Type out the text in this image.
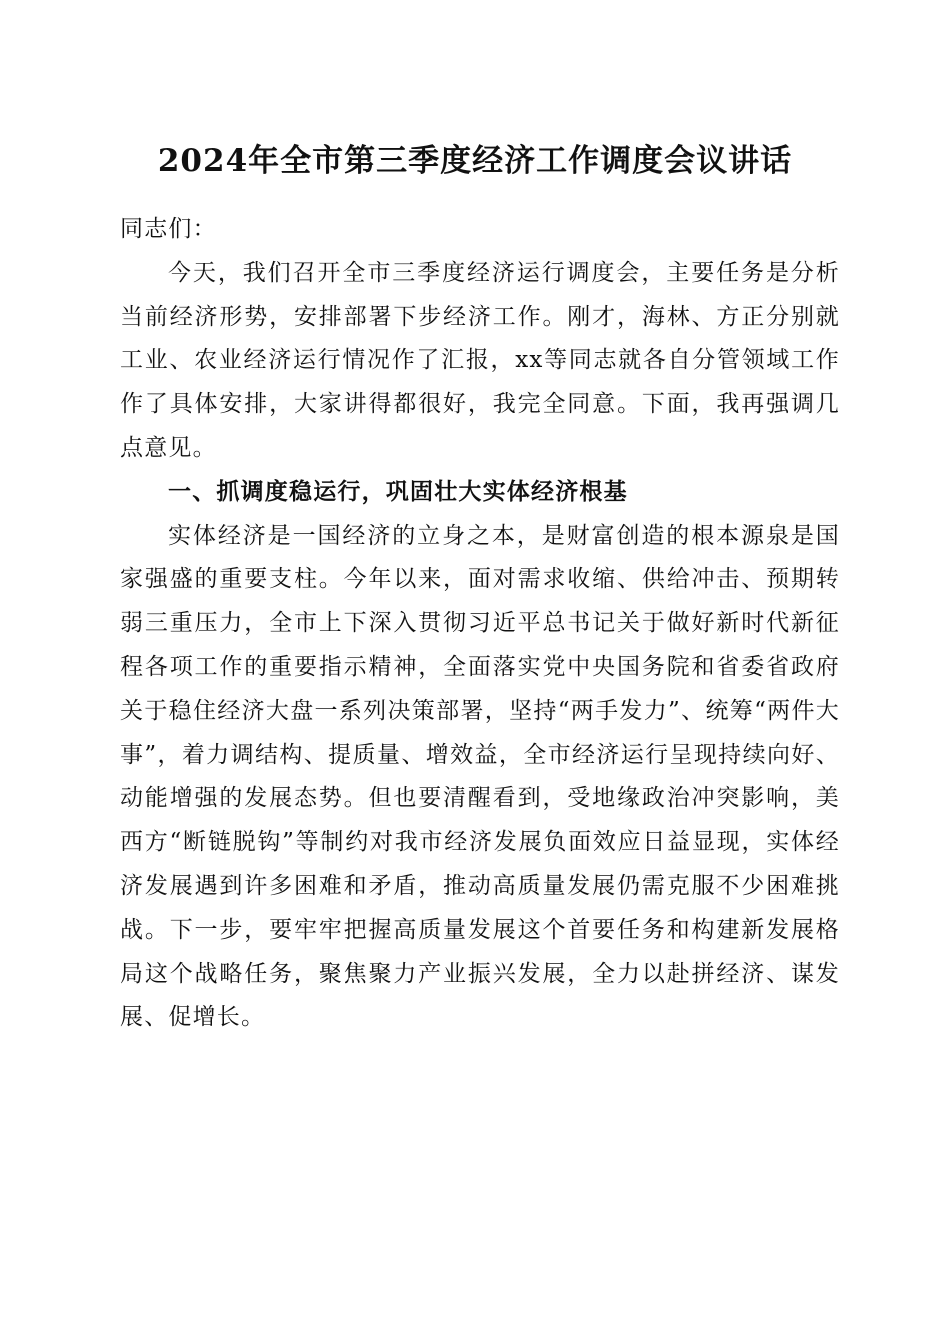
2024年全市第三季度经济工作调度会议讲话

同志们：

今天，我们召开全市三季度经济运行调度会，主要任务是分析当前经济形势，安排部署下步经济工作。刚才，海林、方正分别就工业、农业经济运行情况作了汇报，xx等同志就各自分管领域工作作了具体安排，大家讲得都很好，我完全同意。下面，我再强调几点意见。

一、抓调度稳运行，巩固壮大实体经济根基

实体经济是一国经济的立身之本，是财富创造的根本源泉是国家强盛的重要支柱。今年以来，面对需求收缩、供给冲击、预期转弱三重压力，全市上下深入贯彻习近平总书记关于做好新时代新征程各项工作的重要指示精神，全面落实党中央国务院和省委省政府关于稳住经济大盘一系列决策部署，坚持“两手发力”、统筹“两件大事”，着力调结构、提质量、增效益，全市经济运行呈现持续向好、动能增强的发展态势。但也要清醒看到，受地缘政治冲突影响，美西方“断链脱钩”等制约对我市经济发展负面效应日益显现，实体经济发展遇到许多困难和矛盾，推动高质量发展仍需克服不少困难挑战。下一步，要牢牢把握高质量发展这个首要任务和构建新发展格局这个战略任务，聚焦聚力产业振兴发展，全力以赴拼经济、谋发展、促增长。
